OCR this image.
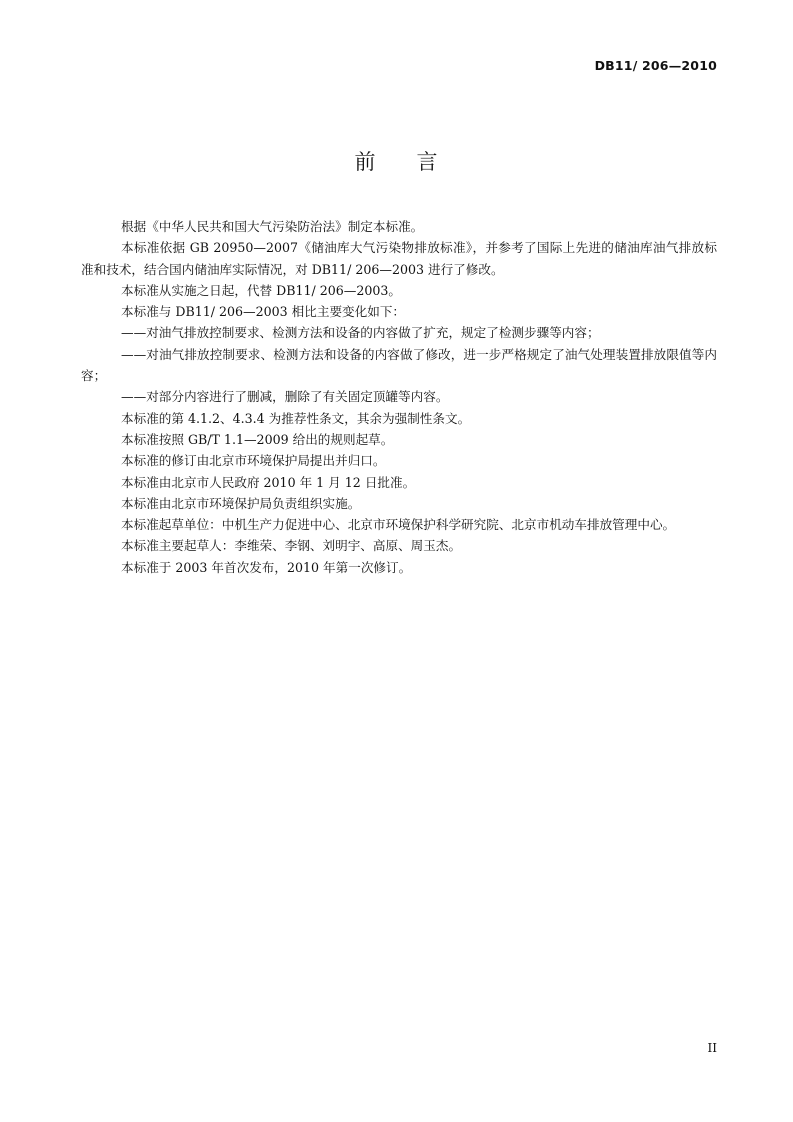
DB11/ 206—2010
前 言

根据《中华人民共和国大气污染防治法》制定本标准。

本标准依据 GB 20950—2007《储油库大气污染物排放标准》，并参考了国际上先进的储油库油气排放标准和技术，结合国内储油库实际情况，对 DB11/ 206—2003 进行了修改。

本标准从实施之日起，代替 DB11/ 206—2003。

本标准与 DB11/ 206—2003 相比主要变化如下：

——对油气排放控制要求、检测方法和设备的内容做了扩充，规定了检测步骤等内容；

——对油气排放控制要求、检测方法和设备的内容做了修改，进一步严格规定了油气处理装置排放限值等内容；

——对部分内容进行了删减，删除了有关固定顶罐等内容。

本标准的第 4.1.2、4.3.4 为推荐性条文，其余为强制性条文。

本标准按照 GB/T 1.1—2009 给出的规则起草。

本标准的修订由北京市环境保护局提出并归口。

本标准由北京市人民政府 2010 年 1 月 12 日批准。

本标准由北京市环境保护局负责组织实施。

本标准起草单位：中机生产力促进中心、北京市环境保护科学研究院、北京市机动车排放管理中心。

本标准主要起草人：李维荣、李钢、刘明宇、高原、周玉杰。

本标准于 2003 年首次发布，2010 年第一次修订。

II
